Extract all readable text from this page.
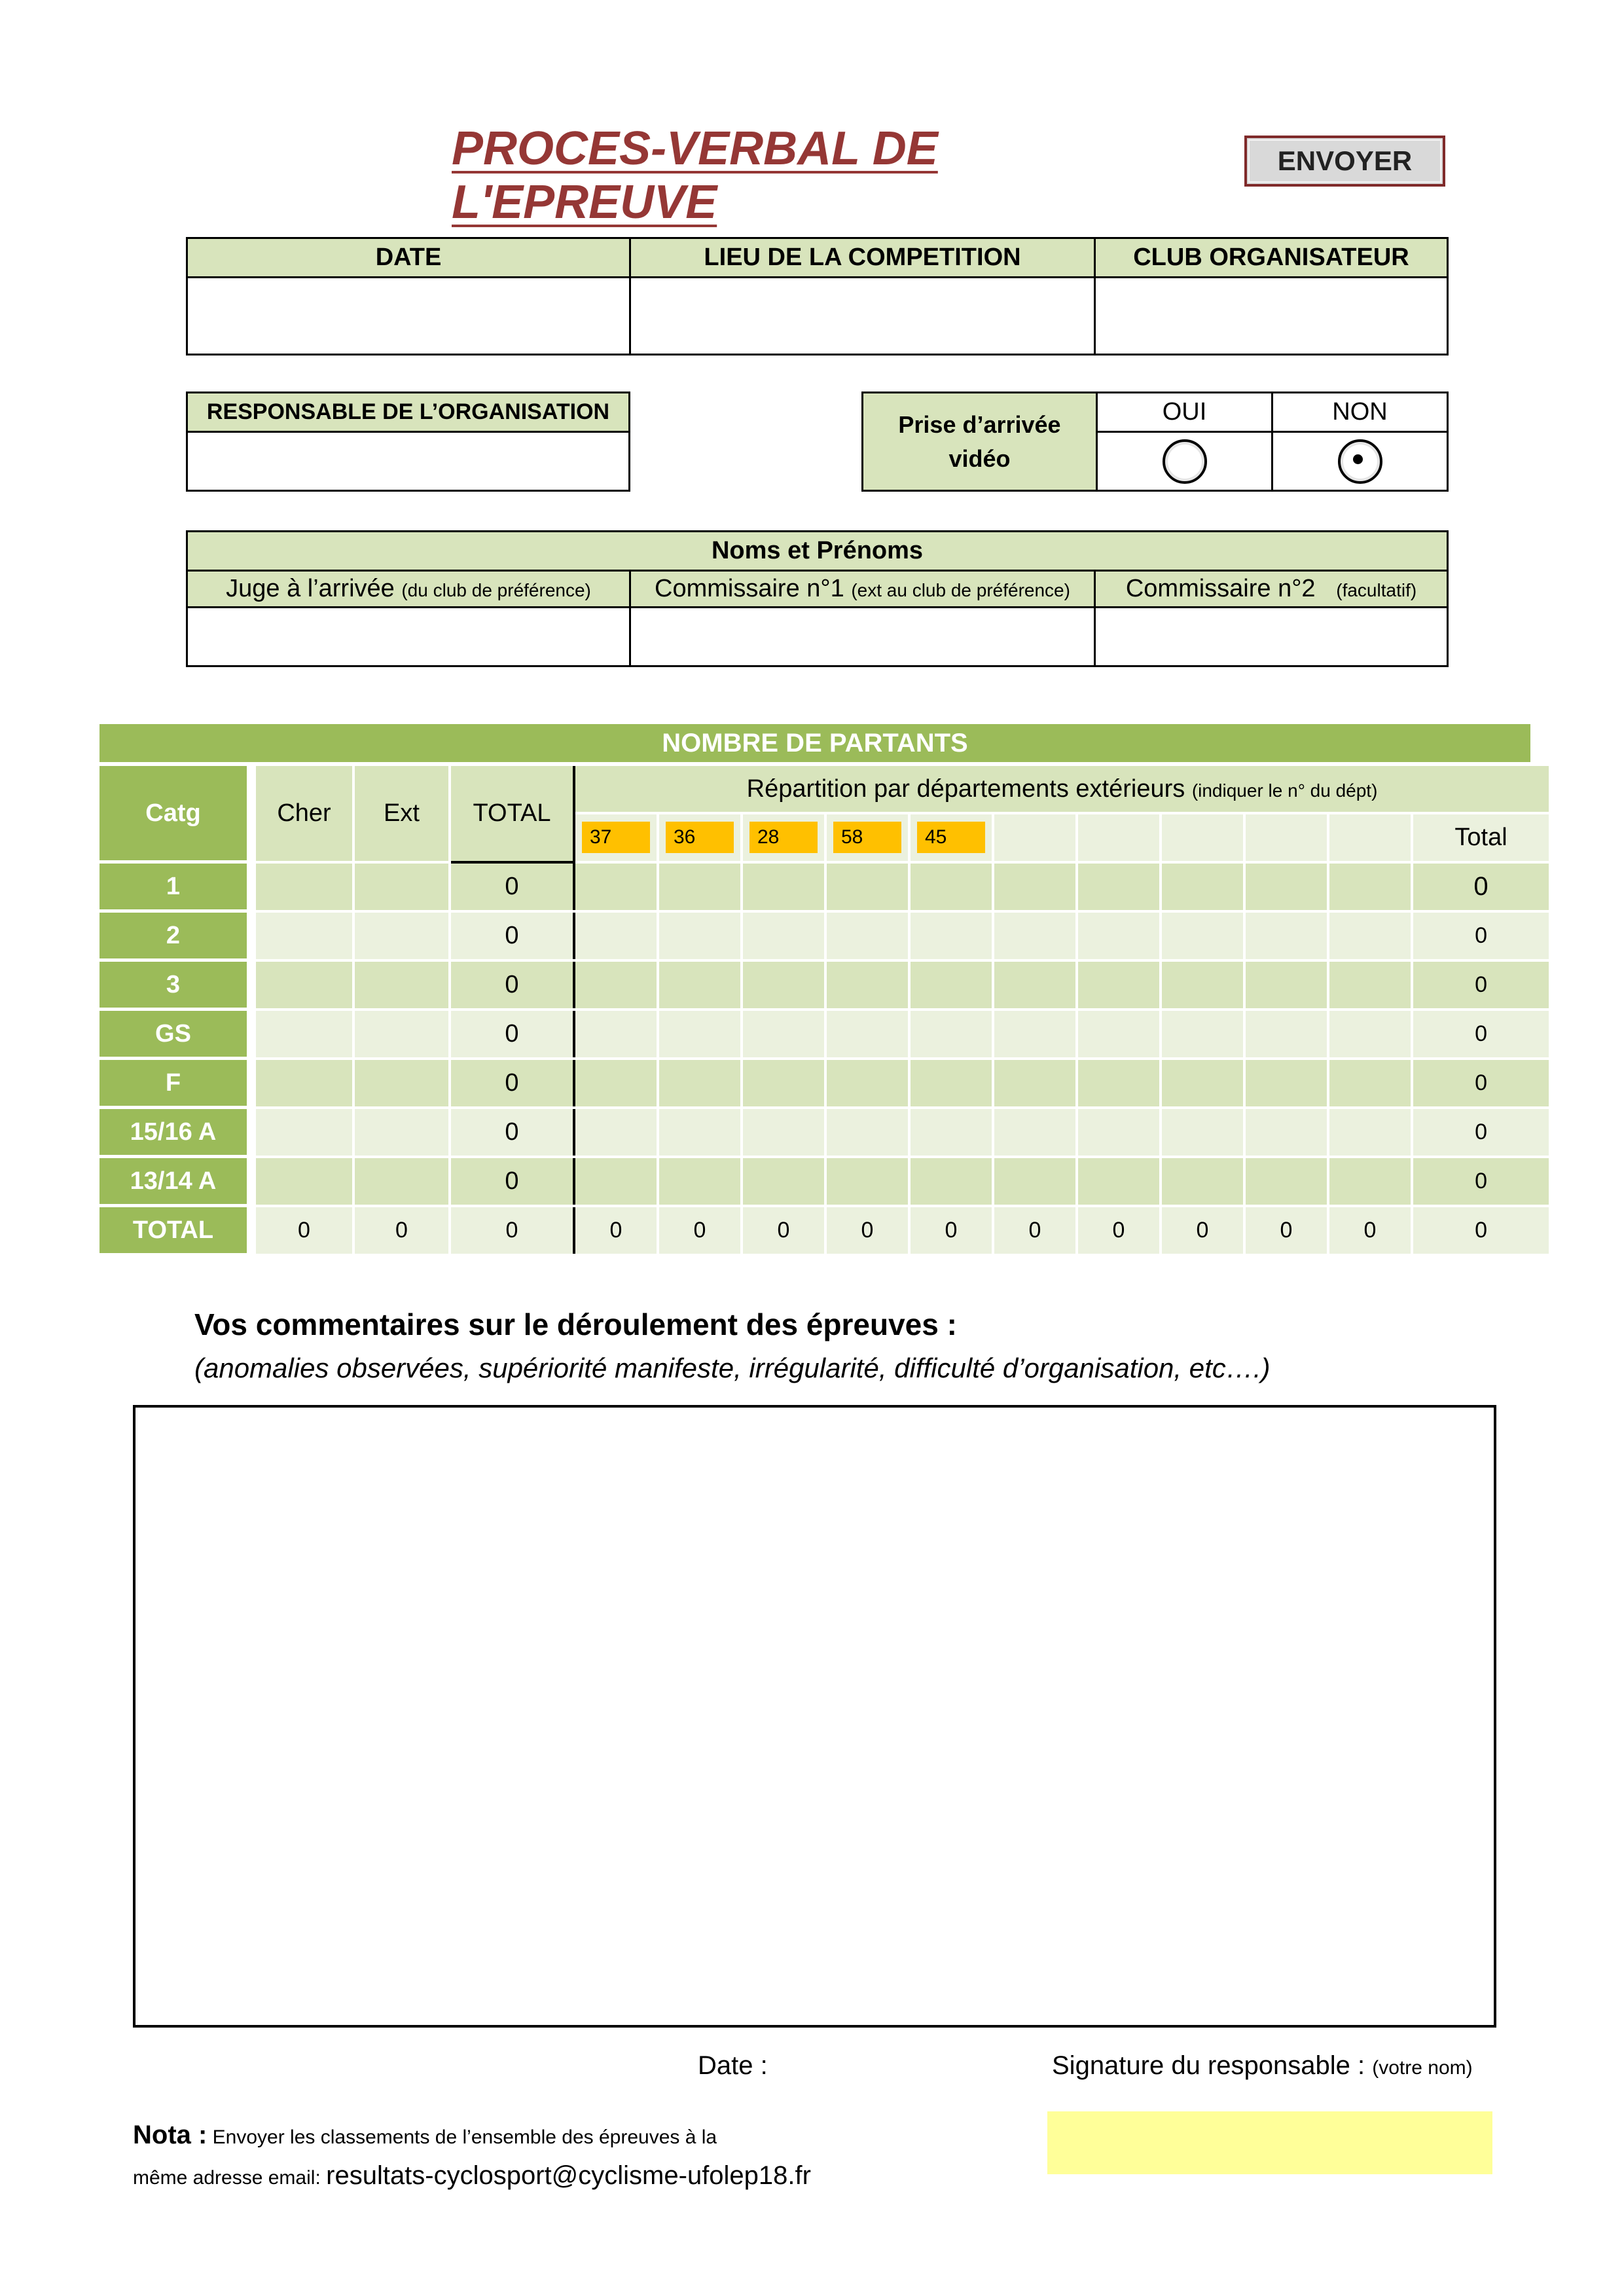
PROCES-VERBAL DE L'EPREUVE
ENVOYER
DATE	LIEU DE LA COMPETITION	CLUB ORGANISATEUR

RESPONSABLE DE L’ORGANISATION	Prise d’arrivée
vidéo	OUI	NON

Noms et Prénoms		
Juge à l’arrivée (du club de préférence)	Commissaire n°1 (ext au club de préférence)	Commissaire n°2 (facultatif)

NOMBRE DE PARTANTS
Catg		Cher	Ext	TOTAL	Répartition par départements extérieurs (indiquer le n° du dépt)										
					37	36	28	58	45						Total
1				0											0
2				0											0
3				0											0
GS				0											0
F				0											0
15/16 A				0											0
13/14 A				0											0
TOTAL		0	0	0	0	0	0	0	0	0	0	0	0	0	0
Vos commentaires sur le déroulement des épreuves :
(anomalies observées, supériorité manifeste, irrégularité, difficulté d’organisation, etc….)
Date :	Signature du responsable : (votre nom)
Nota : Envoyer les classements de l’ensemble des épreuves à la
même adresse email: resultats-cyclosport@cyclisme-ufolep18.fr
